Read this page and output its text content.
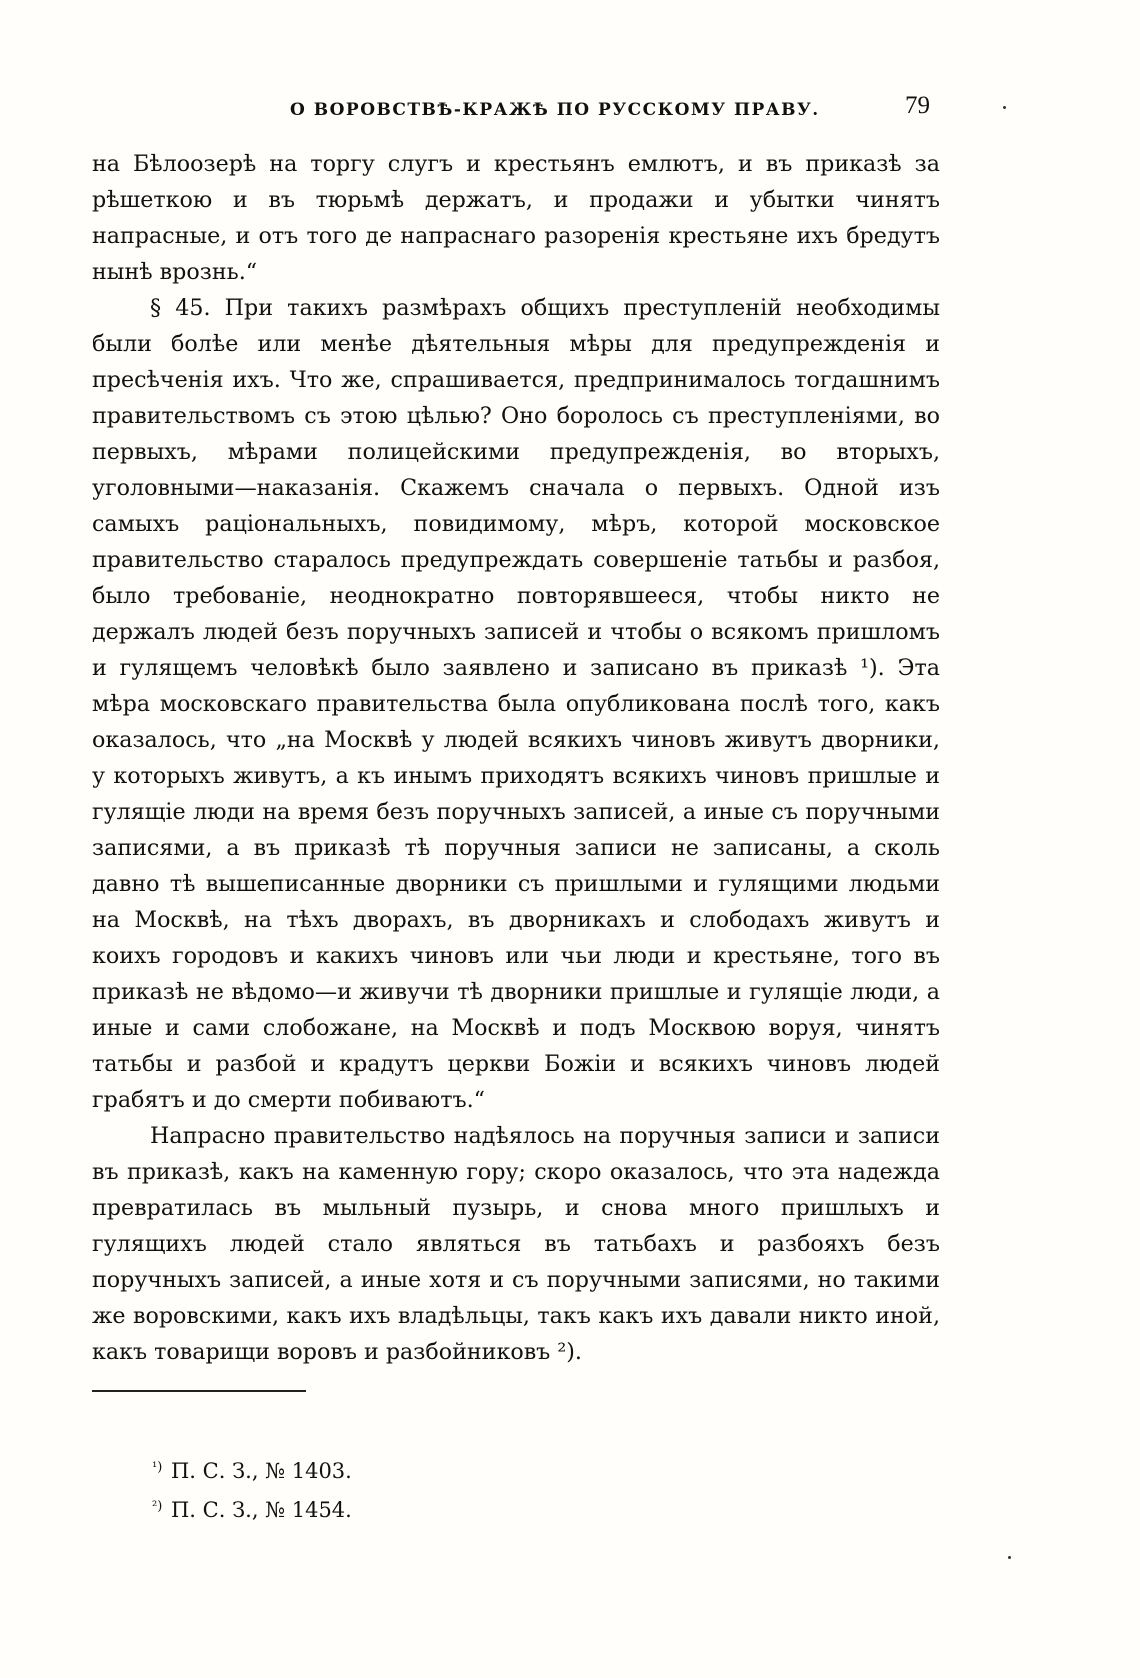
О ВОРОВСТВѢ-КРАЖѢ ПО РУССКОМУ ПРАВУ.	79

на Бѣлоозерѣ на торгу слугъ и крестьянъ емлютъ, и въ приказѣ за рѣшеткою и въ тюрьмѣ держатъ, и продажи и убытки чинятъ напрасные, и отъ того де напраснаго разоренія крестьяне ихъ бредутъ нынѣ врознь.“

§ 45. При такихъ размѣрахъ общихъ преступленій необходимы были болѣе или менѣе дѣятельныя мѣры для предупрежденія и пресѣченія ихъ. Что же, спрашивается, предпринималось тогдашнимъ правительствомъ съ этою цѣлью? Оно боролось съ преступленіями, во первыхъ, мѣрами полицейскими предупрежденія, во вторыхъ, уголовными—наказанія. Скажемъ сначала о первыхъ. Одной изъ самыхъ раціональныхъ, повидимому, мѣръ, которой московское правительство старалось предупреждать совершеніе татьбы и разбоя, было требованіе, неоднократно повторявшееся, чтобы никто не держалъ людей безъ поручныхъ записей и чтобы о всякомъ пришломъ и гулящемъ человѣкѣ было заявлено и записано въ приказѣ ¹). Эта мѣра московскаго правительства была опубликована послѣ того, какъ оказалось, что „на Москвѣ у людей всякихъ чиновъ живутъ дворники, у которыхъ живутъ, а къ инымъ приходятъ всякихъ чиновъ пришлые и гулящіе люди на время безъ поручныхъ записей, а иные съ поручными записями, а въ приказѣ тѣ поручныя записи не записаны, а сколь давно тѣ вышеписанные дворники съ пришлыми и гулящими людьми на Москвѣ, на тѣхъ дворахъ, въ дворникахъ и слободахъ живутъ и коихъ городовъ и какихъ чиновъ или чьи люди и крестьяне, того въ приказѣ не вѣдомо—и живучи тѣ дворники пришлые и гулящіе люди, а иные и сами слобожане, на Москвѣ и подъ Москвою воруя, чинятъ татьбы и разбой и крадутъ церкви Божіи и всякихъ чиновъ людей грабятъ и до смерти побиваютъ.“

Напрасно правительство надѣялось на поручныя записи и записи въ приказѣ, какъ на каменную гору; скоро оказалось, что эта надежда превратилась въ мыльный пузырь, и снова много пришлыхъ и гулящихъ людей стало являться въ татьбахъ и разбояхъ безъ поручныхъ записей, а иные хотя и съ поручными записями, но такими же воровскими, какъ ихъ владѣльцы, такъ какъ ихъ давали никто иной, какъ товарищи воровъ и разбойниковъ ²).

$^{^1)}$ П. С. З., № 1403.
$^{^2)}$ П. С. З., № 1454.
